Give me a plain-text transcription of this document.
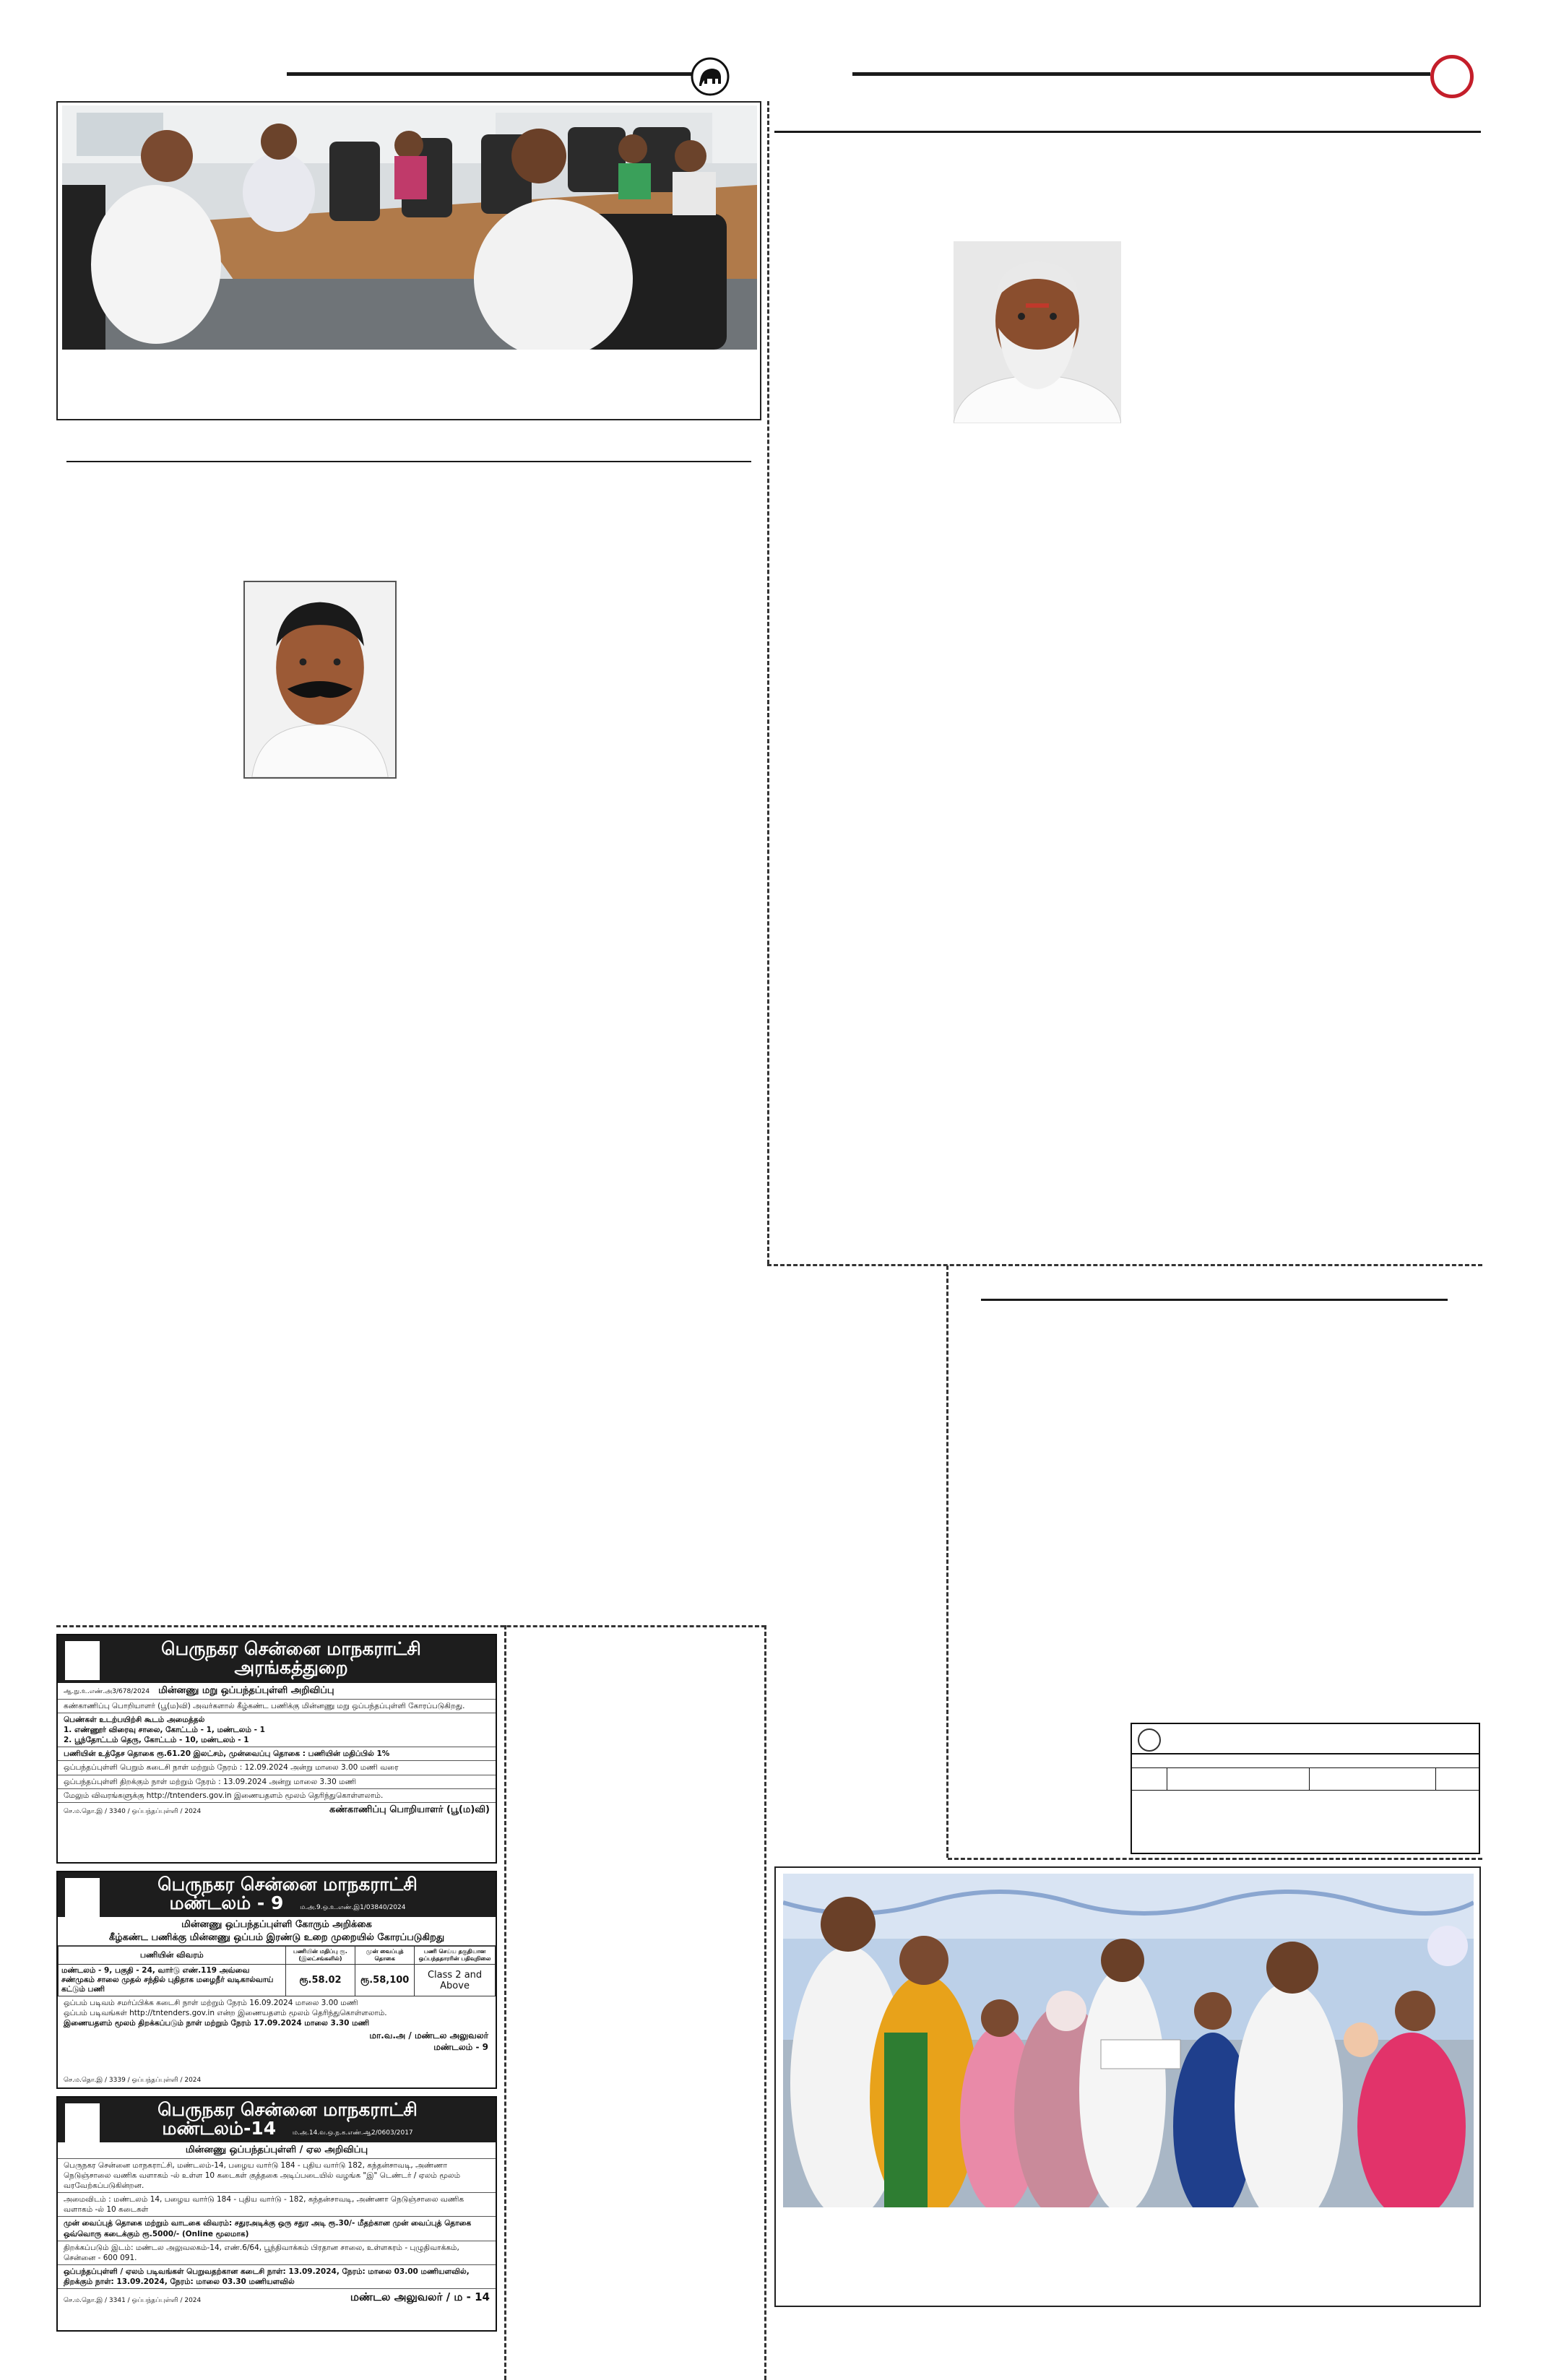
பெருநகர சென்னை மாநகராட்சி
அரங்கத்துறை
ஆ.நு.உ.எண்.அ3/678/2024 மின்னணு மறு ஒப்பந்தப்புள்ளி அறிவிப்பு
கண்காணிப்பு பொறியாளர் (பூ(ம)வி) அவர்களால் கீழ்கண்ட பணிக்கு மின்னணு மறு ஒப்பந்தப்புள்ளி கோரப்படுகிறது.
பெண்கள் உடற்பயிற்சி கூடம் அமைத்தல்
1. எண்ணூர் விரைவு சாலை, கோட்டம் - 1, மண்டலம் - 1
2. பூந்தோட்டம் தெரு, கோட்டம் - 10, மண்டலம் - 1
பணியின் உத்தேச தொகை ரூ.61.20 இலட்சம், முன்வைப்பு தொகை : பணியின் மதிப்பில் 1%
ஒப்பந்தப்புள்ளி பெறும் கடைசி நாள் மற்றும் நேரம் : 12.09.2024 அன்று மாலை 3.00 மணி வரை
ஒப்பந்தப்புள்ளி திறக்கும் நாள் மற்றும் நேரம் : 13.09.2024 அன்று மாலை 3.30 மணி
மேலும் விவரங்களுக்கு http://tntenders.gov.in இணையதளம் மூலம் தெரிந்துகொள்ளலாம்.
செ.ம.தொ.இ / 3340 / ஒப்பந்தப்புள்ளி / 2024	கண்காணிப்பு பொறியாளர் (பூ(ம)வி)
பெருநகர சென்னை மாநகராட்சி
மண்டலம் - 9	ம.அ.9.ஒ.உ.எண்.இ1/03840/2024
மின்னணு ஒப்பந்தப்புள்ளி கோரும் அறிக்கை
கீழ்கண்ட பணிக்கு மின்னணு ஒப்பம் இரண்டு உறை முறையில் கோரப்படுகிறது
பணியின் விவரம்	பணியின் மதிப்பு ரூ. (இலட்சங்களில்)	முன் வைப்புத் தொகை	பணி செய்ய தகுதியான ஒப்பந்ததாரரின் பதிவுநிலை
மண்டலம் - 9, பகுதி - 24, வார்டு எண்.119 அவ்வை சண்முகம் சாலை முதல் சந்தில் புதிதாக மழைநீர் வடிகால்வாய் கட்டும் பணி	ரூ.58.02	ரூ.58,100	Class 2 and Above
ஒப்பம் படிவம் சமர்ப்பிக்க கடைசி நாள் மற்றும் நேரம் 16.09.2024 மாலை 3.00 மணி
ஒப்பம் படிவங்கள் http://tntenders.gov.in என்ற இணையதளம் மூலம் தெரிந்துகொள்ளலாம்.
இணையதளம் மூலம் திறக்கப்படும் நாள் மற்றும் நேரம் 17.09.2024 மாலை 3.30 மணி
மா.வ.அ / மண்டல அலுவலர்
மண்டலம் - 9
செ.ம.தொ.இ / 3339 / ஒப்பந்தப்புள்ளி / 2024
பெருநகர சென்னை மாநகராட்சி
மண்டலம்-14	ம.அ.14.வ.ஒ.ந.க.எண்.ஆ2/0603/2017
மின்னணு ஒப்பந்தப்புள்ளி / ஏல அறிவிப்பு
பெருநகர சென்னை மாநகராட்சி, மண்டலம்-14, பழைய வார்டு 184 - புதிய வார்டு 182, கந்தன்சாவடி, அண்ணா நெடுஞ்சாலை வணிக வளாகம் -ல் உள்ள 10 கடைகள் குத்தகை அடிப்படையில் வழங்க "இ" டெண்டர் / ஏலம் மூலம் வரவேற்கப்படுகின்றன.
அமைவிடம் : மண்டலம் 14, பழைய வார்டு 184 - புதிய வார்டு - 182, கந்தன்சாவடி, அண்ணா நெடுஞ்சாலை வணிக வளாகம் -ல் 10 கடைகள்
முன் வைப்புத் தொகை மற்றும் வாடகை விவரம்: சதுரஅடிக்கு ஒரு சதுர அடி ரூ.30/- மீதற்கான முன் வைப்புத் தொகை ஒவ்வொரு கடைக்கும் ரூ.5000/- (Online மூலமாக)
திறக்கப்படும் இடம்: மண்டல அலுவலகம்-14, எண்.6/64, பூந்திவாக்கம் பிரதான சாலை, உள்ளகரம் - புழுதிவாக்கம், சென்னை - 600 091.
ஒப்பந்தப்புள்ளி / ஏலம் படிவங்கள் பெறுவதற்கான கடைசி நாள்: 13.09.2024, நேரம்: மாலை 03.00 மணியளவில், திறக்கும் நாள்: 13.09.2024, நேரம்: மாலை 03.30 மணியளவில்
செ.ம.தொ.இ / 3341 / ஒப்பந்தப்புள்ளி / 2024	மண்டல அலுவலர் / ம - 14
